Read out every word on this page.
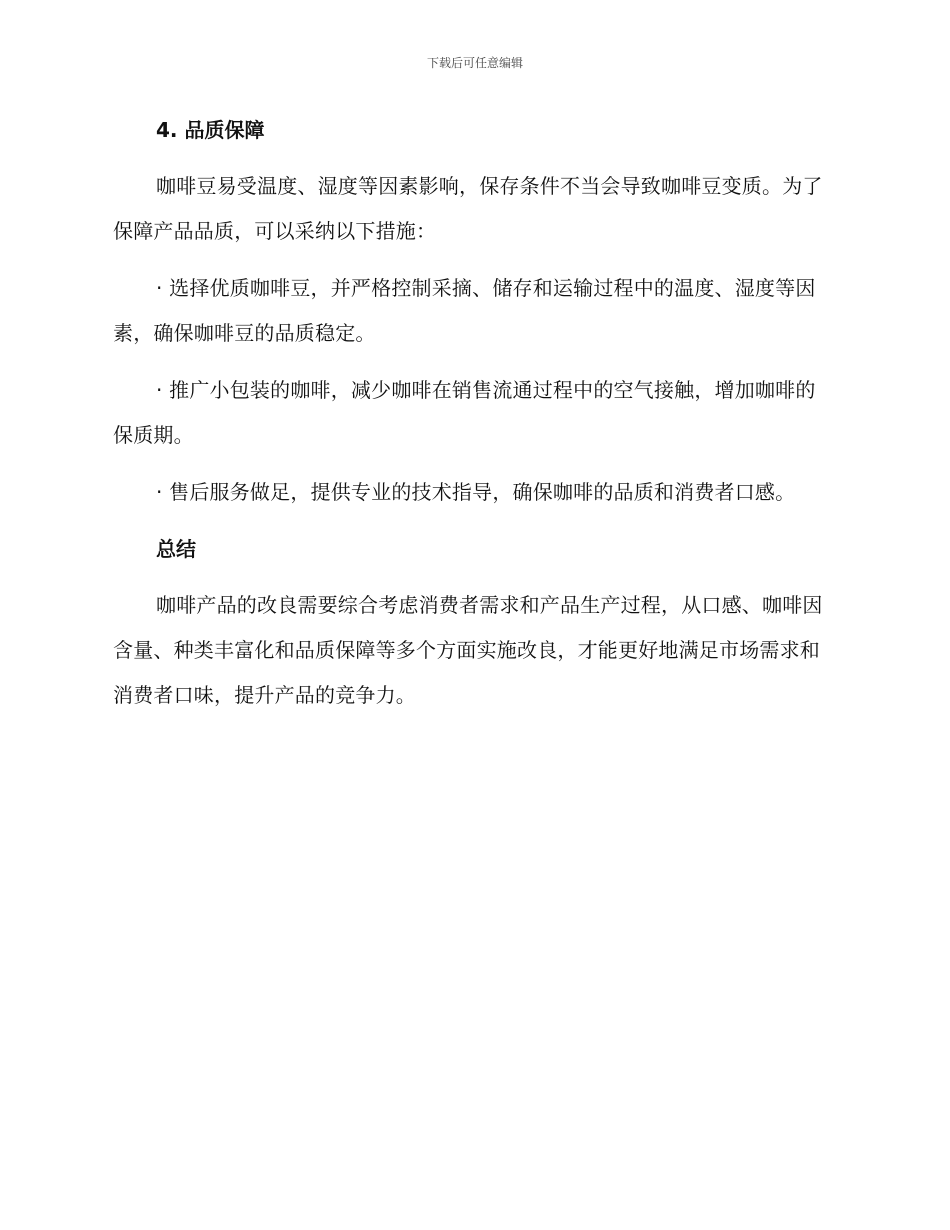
下载后可任意编辑
4. 品质保障

咖啡豆易受温度、湿度等因素影响，保存条件不当会导致咖啡豆变质。为了保障产品品质，可以采纳以下措施：

· 选择优质咖啡豆，并严格控制采摘、储存和运输过程中的温度、湿度等因素，确保咖啡豆的品质稳定。

· 推广小包装的咖啡，减少咖啡在销售流通过程中的空气接触，增加咖啡的保质期。

· 售后服务做足，提供专业的技术指导，确保咖啡的品质和消费者口感。

总结

咖啡产品的改良需要综合考虑消费者需求和产品生产过程，从口感、咖啡因含量、种类丰富化和品质保障等多个方面实施改良，才能更好地满足市场需求和消费者口味，提升产品的竞争力。
